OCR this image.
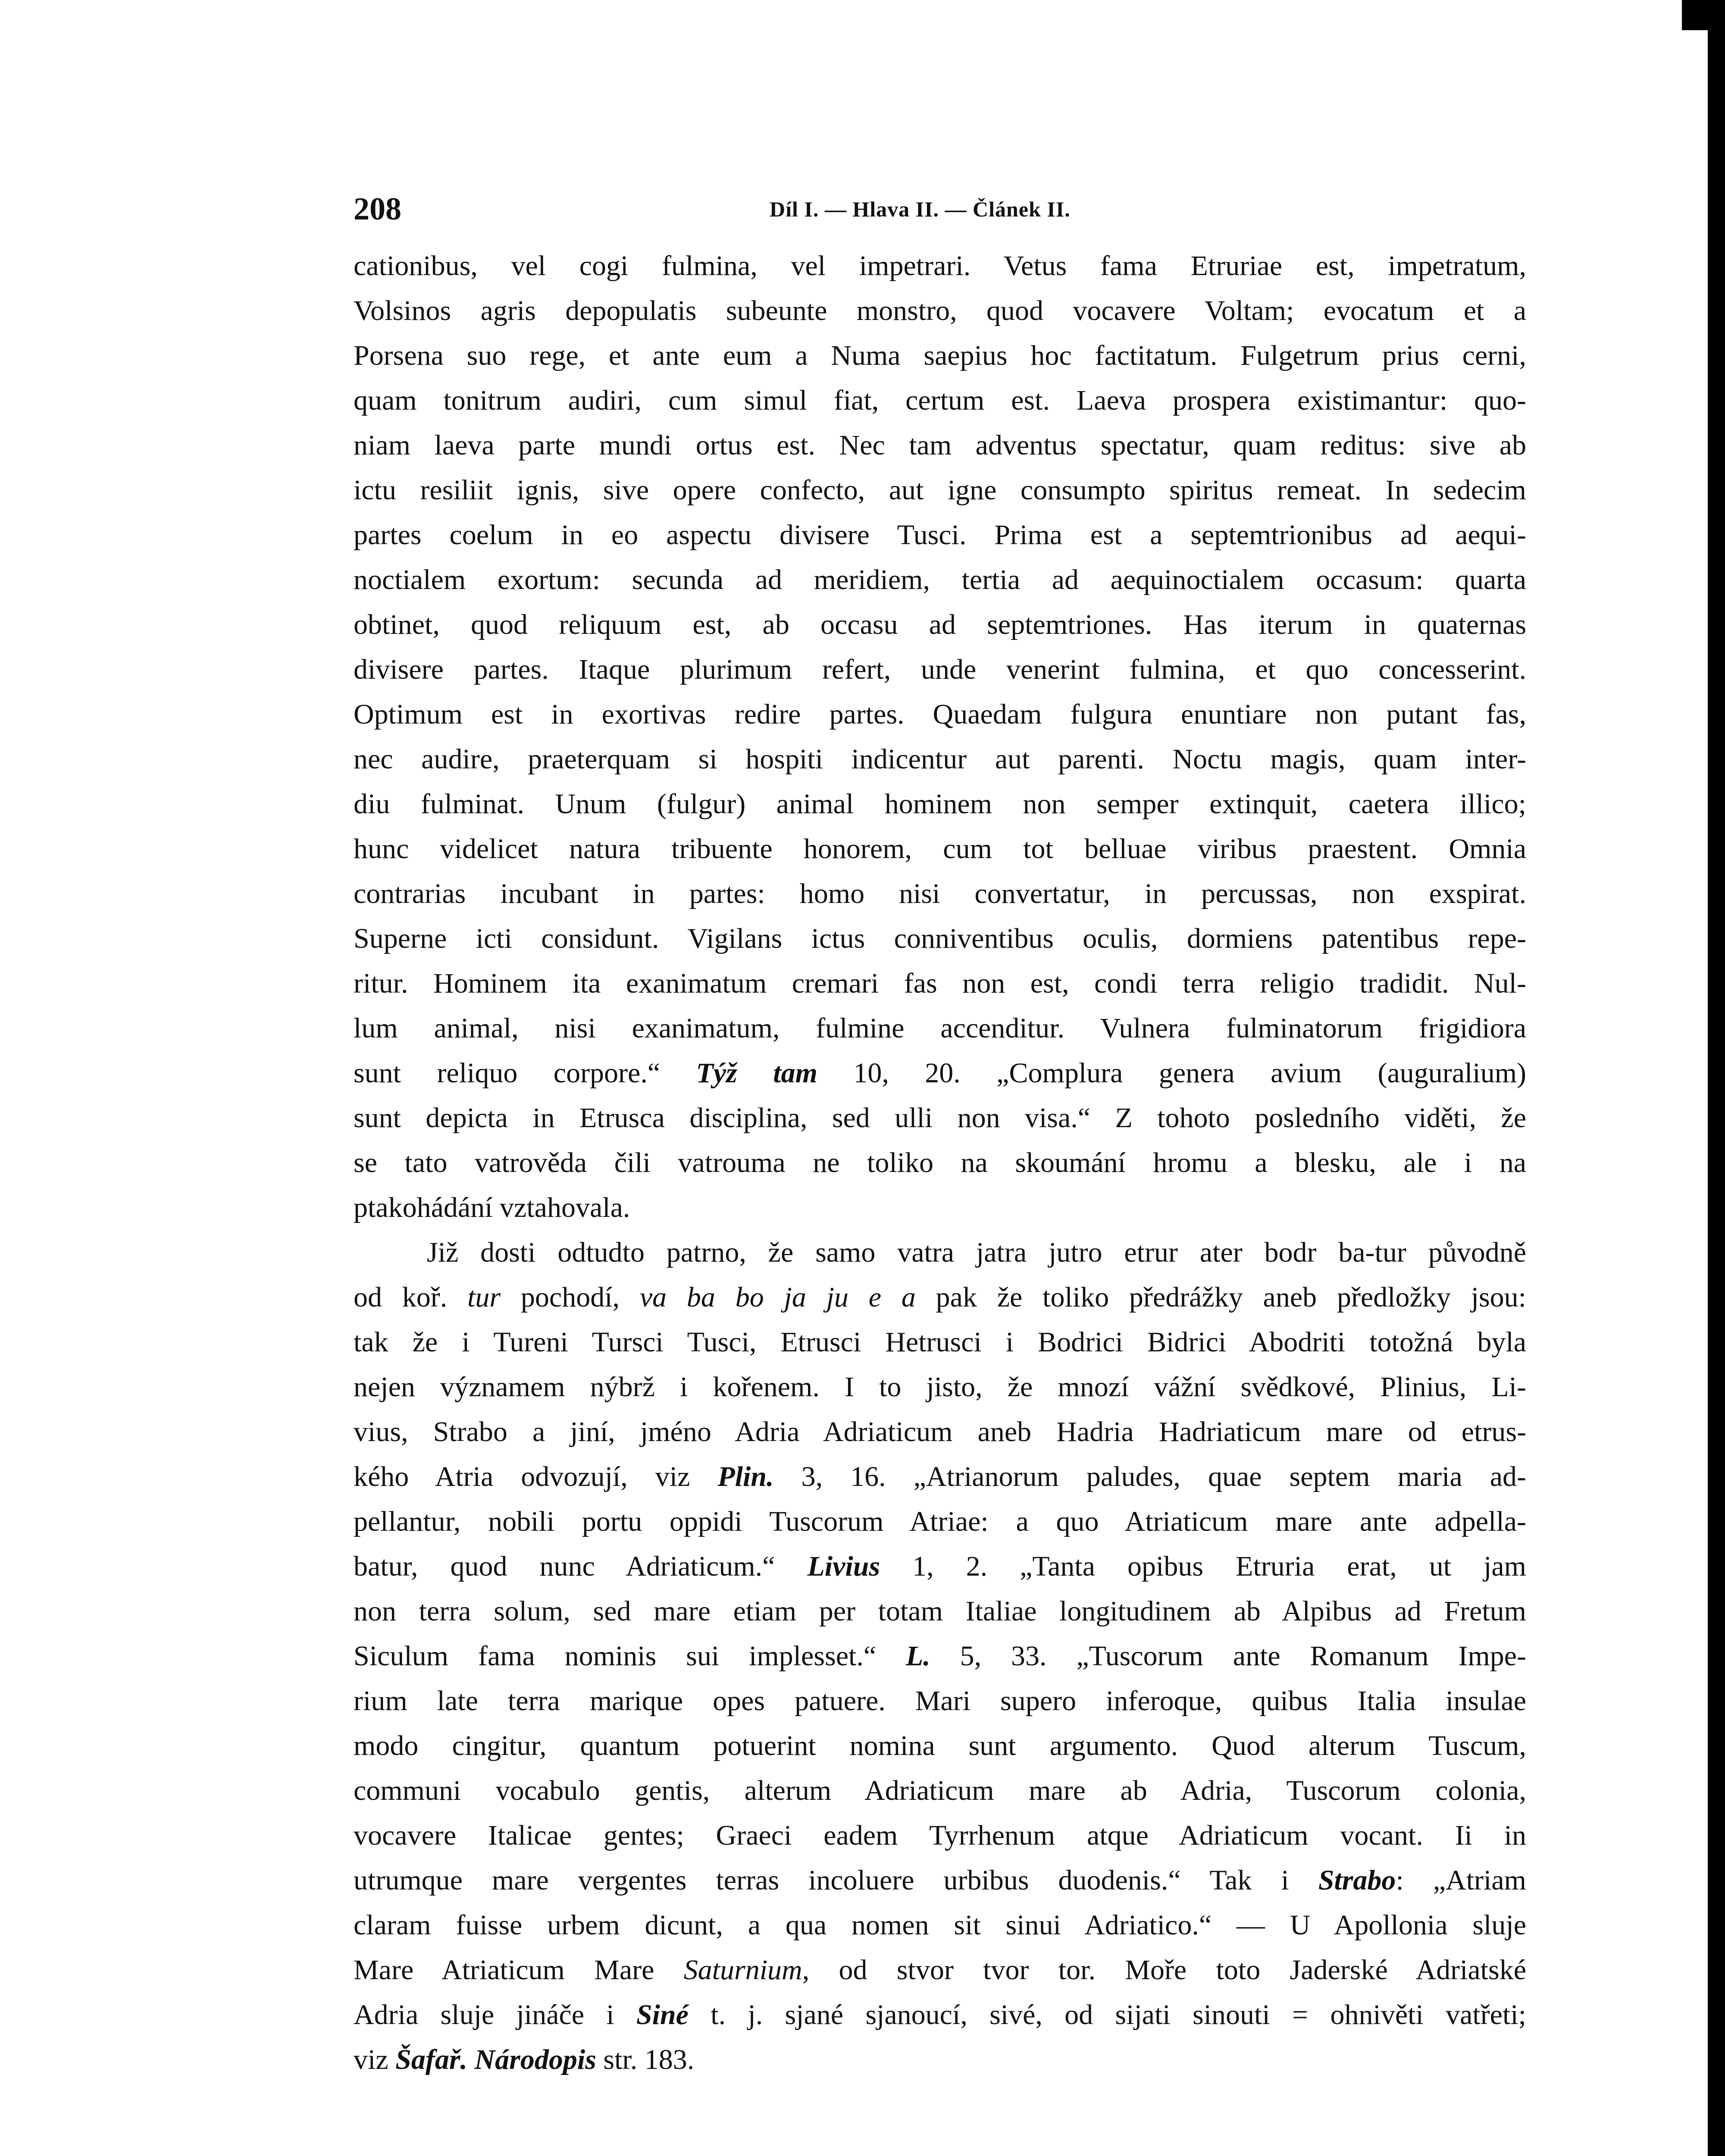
208	Díl I. — Hlava II. — Článek II.
cationibus, vel cogi fulmina, vel impetrari. Vetus fama Etruriae est, impetratum,
Volsinos agris depopulatis subeunte monstro, quod vocavere Voltam; evocatum et a
Porsena suo rege, et ante eum a Numa saepius hoc factitatum. Fulgetrum prius cerni,
quam tonitrum audiri, cum simul fiat, certum est. Laeva prospera existimantur: quo-
niam laeva parte mundi ortus est. Nec tam adventus spectatur, quam reditus: sive ab
ictu resiliit ignis, sive opere confecto, aut igne consumpto spiritus remeat. In sedecim
partes coelum in eo aspectu divisere Tusci. Prima est a septemtrionibus ad aequi-
noctialem exortum: secunda ad meridiem, tertia ad aequinoctialem occasum: quarta
obtinet, quod reliquum est, ab occasu ad septemtriones. Has iterum in quaternas
divisere partes. Itaque plurimum refert, unde venerint fulmina, et quo concesserint.
Optimum est in exortivas redire partes. Quaedam fulgura enuntiare non putant fas,
nec audire, praeterquam si hospiti indicentur aut parenti. Noctu magis, quam inter-
diu fulminat. Unum (fulgur) animal hominem non semper extinquit, caetera illico;
hunc videlicet natura tribuente honorem, cum tot belluae viribus praestent. Omnia
contrarias incubant in partes: homo nisi convertatur, in percussas, non exspirat.
Superne icti considunt. Vigilans ictus conniventibus oculis, dormiens patentibus repe-
ritur. Hominem ita exanimatum cremari fas non est, condi terra religio tradidit. Nul-
lum animal, nisi exanimatum, fulmine accenditur. Vulnera fulminatorum frigidiora
sunt reliquo corpore.“ Týž tam 10, 20. „Complura genera avium (auguralium)
sunt depicta in Etrusca disciplina, sed ulli non visa.“ Z tohoto posledního viděti, že
se tato vatrověda čili vatrouma ne toliko na skoumání hromu a blesku, ale i na
ptakohádání vztahovala.
Již dosti odtudto patrno, že samo vatra jatra jutro etrur ater bodr ba-tur původně
od koř. tur pochodí, va ba bo ja ju e a pak že toliko předrážky aneb předložky jsou:
tak že i Tureni Tursci Tusci, Etrusci Hetrusci i Bodrici Bidrici Abodriti totožná byla
nejen významem nýbrž i kořenem. I to jisto, že mnozí vážní svědkové, Plinius, Li-
vius, Strabo a jiní, jméno Adria Adriaticum aneb Hadria Hadriaticum mare od etrus-
kého Atria odvozují, viz Plin. 3, 16. „Atrianorum paludes, quae septem maria ad-
pellantur, nobili portu oppidi Tuscorum Atriae: a quo Atriaticum mare ante adpella-
batur, quod nunc Adriaticum.“ Livius 1, 2. „Tanta opibus Etruria erat, ut jam
non terra solum, sed mare etiam per totam Italiae longitudinem ab Alpibus ad Fretum
Siculum fama nominis sui implesset.“ L. 5, 33. „Tuscorum ante Romanum Impe-
rium late terra marique opes patuere. Mari supero inferoque, quibus Italia insulae
modo cingitur, quantum potuerint nomina sunt argumento. Quod alterum Tuscum,
communi vocabulo gentis, alterum Adriaticum mare ab Adria, Tuscorum colonia,
vocavere Italicae gentes; Graeci eadem Tyrrhenum atque Adriaticum vocant. Ii in
utrumque mare vergentes terras incoluere urbibus duodenis.“ Tak i Strabo: „Atriam
claram fuisse urbem dicunt, a qua nomen sit sinui Adriatico.“ — U Apollonia sluje
Mare Atriaticum Mare Saturnium, od stvor tvor tor. Moře toto Jaderské Adriatské
Adria sluje jináče i Siné t. j. sjané sjanoucí, sivé, od sijati sinouti = ohnivěti vatřeti;
viz Šafař. Národopis str. 183.
